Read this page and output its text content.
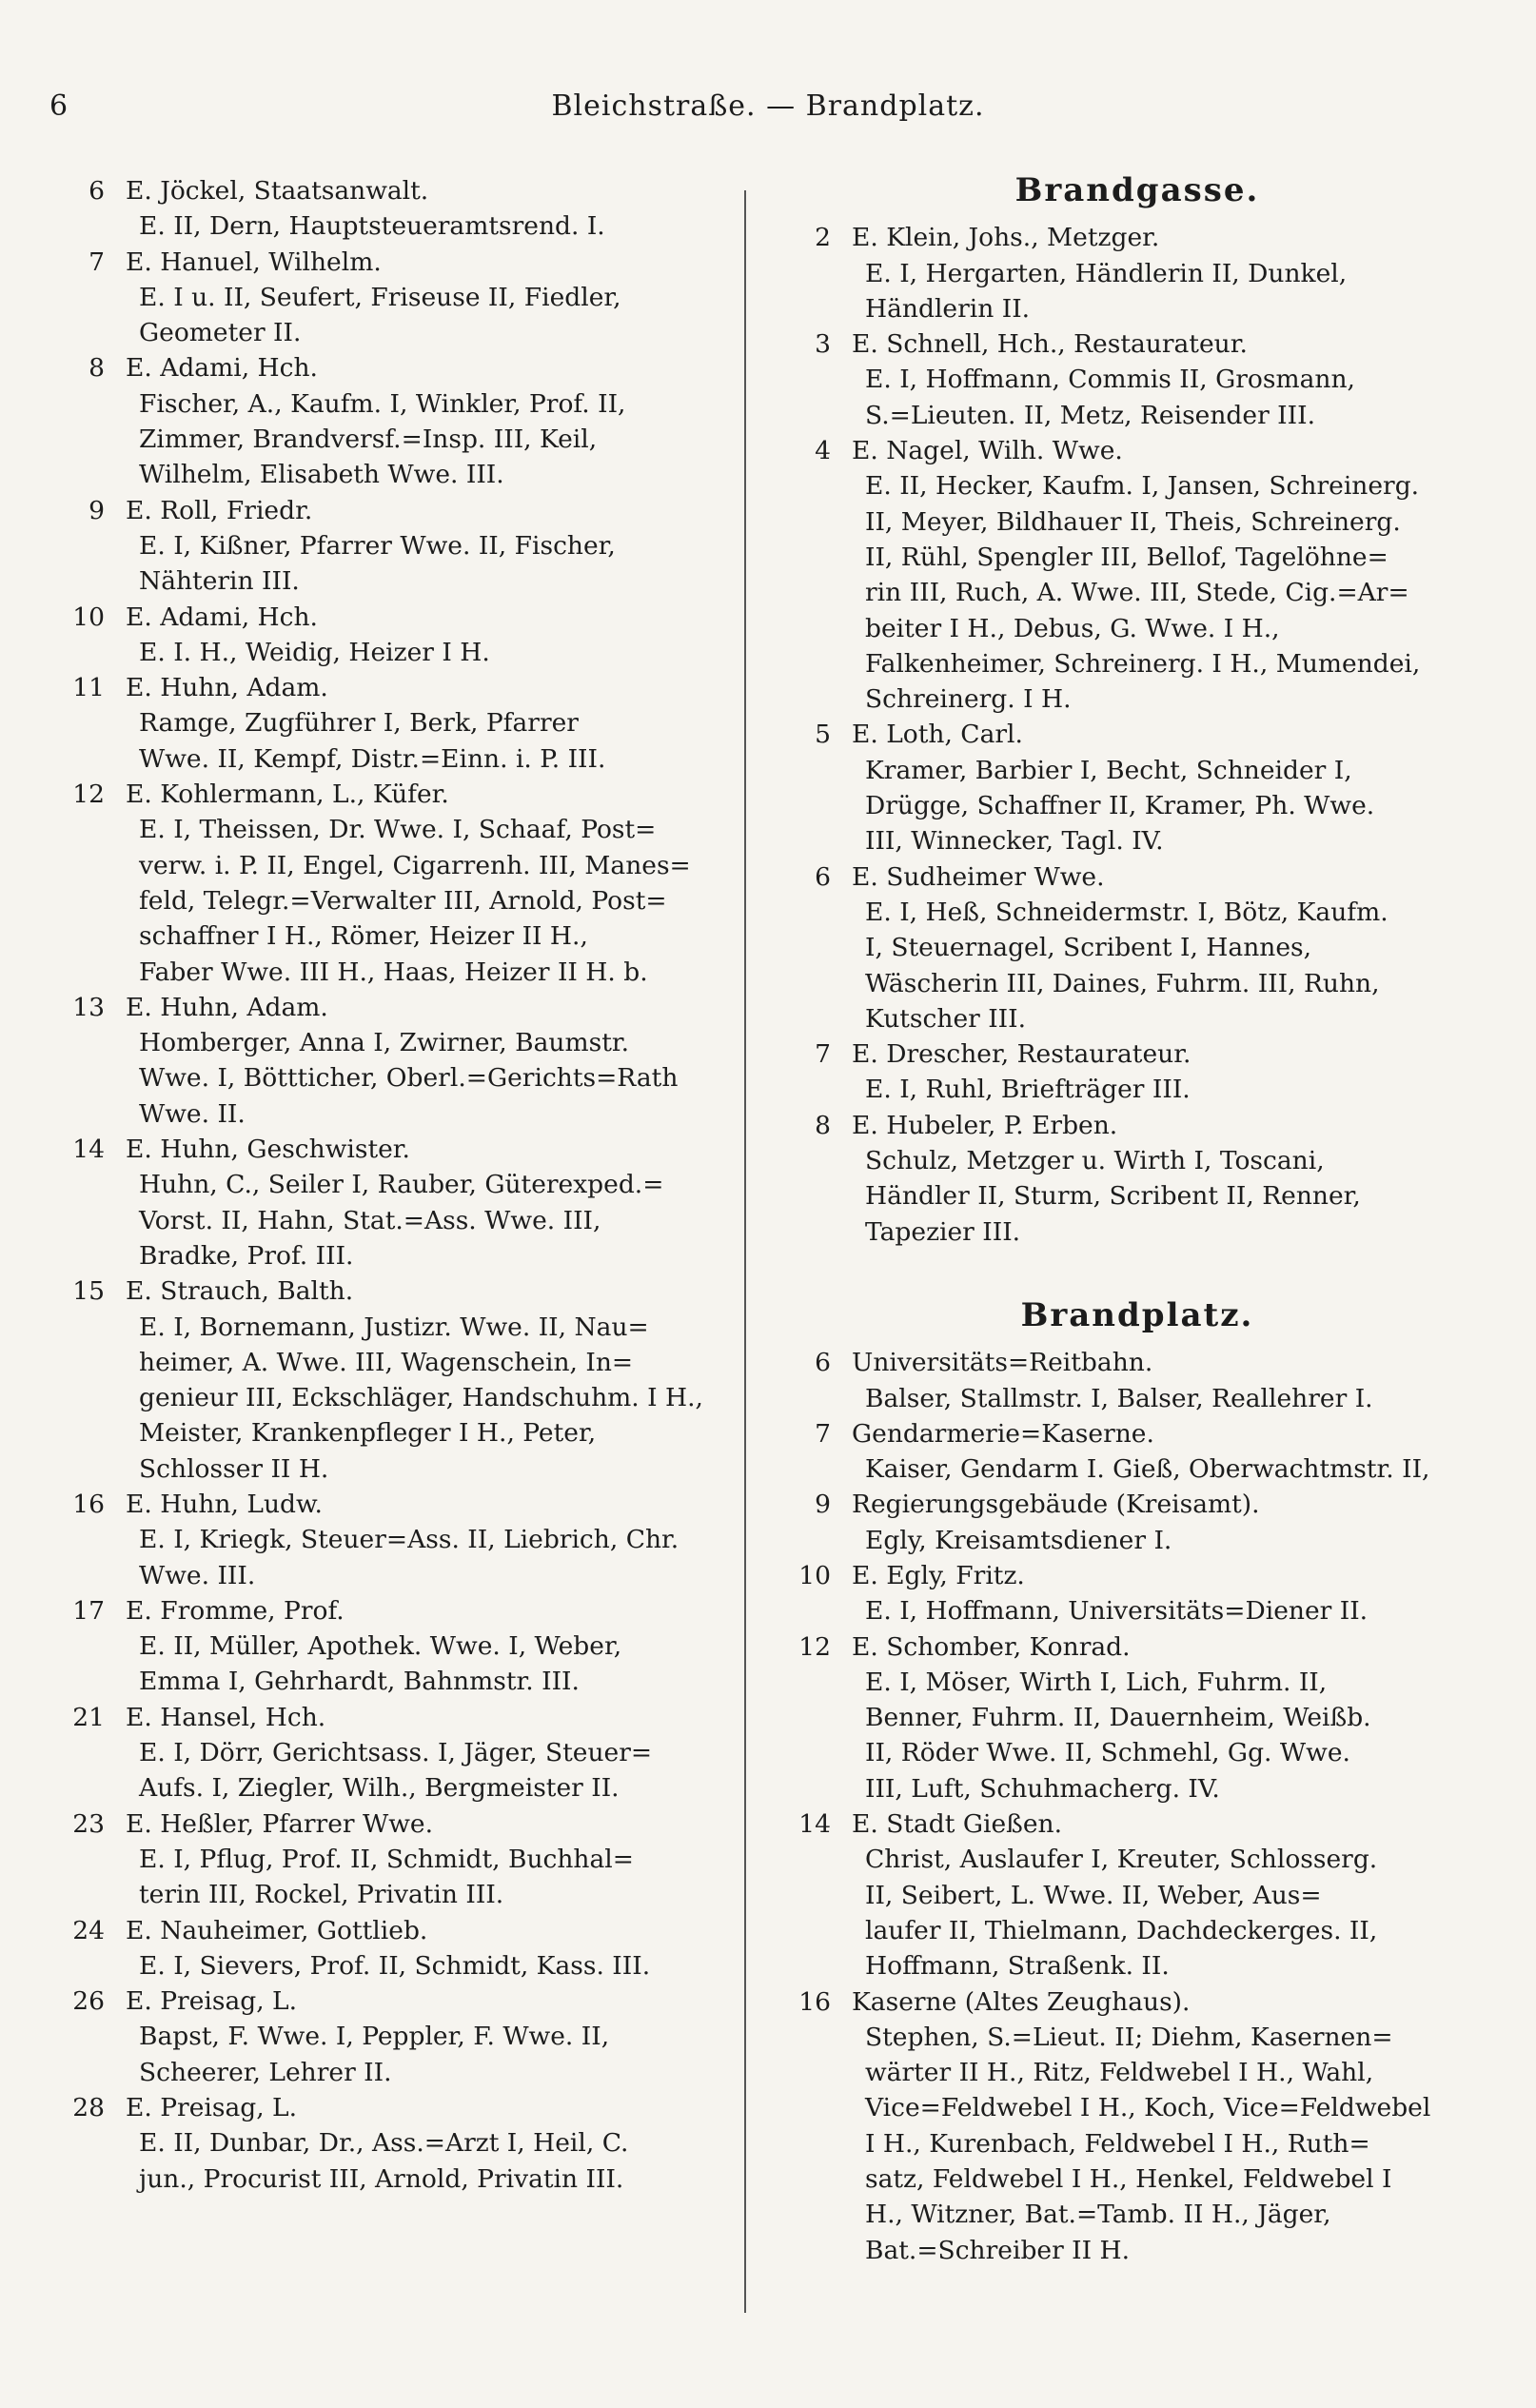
6	Bleichstraße. — Brandplatz.
6 E. Jöckel, Staatsanwalt.
E. II, Dern, Hauptsteueramtsrend. I.
7 E. Hanuel, Wilhelm.
E. I u. II, Seufert, Friseuse II, Fiedler,
Geometer II.
8 E. Adami, Hch.
Fischer, A., Kaufm. I, Winkler, Prof. II,
Zimmer, Brandversf.=Insp. III, Keil,
Wilhelm, Elisabeth Wwe. III.
9 E. Roll, Friedr.
E. I, Kißner, Pfarrer Wwe. II, Fischer,
Nähterin III.
10 E. Adami, Hch.
E. I. H., Weidig, Heizer I H.
11 E. Huhn, Adam.
Ramge, Zugführer I, Berk, Pfarrer
Wwe. II, Kempf, Distr.=Einn. i. P. III.
12 E. Kohlermann, L., Küfer.
E. I, Theissen, Dr. Wwe. I, Schaaf, Post=
verw. i. P. II, Engel, Cigarrenh. III, Manes=
feld, Telegr.=Verwalter III, Arnold, Post=
schaffner I H., Römer, Heizer II H.,
Faber Wwe. III H., Haas, Heizer II H. b.
13 E. Huhn, Adam.
Homberger, Anna I, Zwirner, Baumstr.
Wwe. I, Böttticher, Oberl.=Gerichts=Rath
Wwe. II.
14 E. Huhn, Geschwister.
Huhn, C., Seiler I, Rauber, Güterexped.=
Vorst. II, Hahn, Stat.=Ass. Wwe. III,
Bradke, Prof. III.
15 E. Strauch, Balth.
E. I, Bornemann, Justizr. Wwe. II, Nau=
heimer, A. Wwe. III, Wagenschein, In=
genieur III, Eckschläger, Handschuhm. I H.,
Meister, Krankenpfleger I H., Peter,
Schlosser II H.
16 E. Huhn, Ludw.
E. I, Kriegk, Steuer=Ass. II, Liebrich, Chr.
Wwe. III.
17 E. Fromme, Prof.
E. II, Müller, Apothek. Wwe. I, Weber,
Emma I, Gehrhardt, Bahnmstr. III.
21 E. Hansel, Hch.
E. I, Dörr, Gerichtsass. I, Jäger, Steuer=
Aufs. I, Ziegler, Wilh., Bergmeister II.
23 E. Heßler, Pfarrer Wwe.
E. I, Pflug, Prof. II, Schmidt, Buchhal=
terin III, Rockel, Privatin III.
24 E. Nauheimer, Gottlieb.
E. I, Sievers, Prof. II, Schmidt, Kass. III.
26 E. Preisag, L.
Bapst, F. Wwe. I, Peppler, F. Wwe. II,
Scheerer, Lehrer II.
28 E. Preisag, L.
E. II, Dunbar, Dr., Ass.=Arzt I, Heil, C.
jun., Procurist III, Arnold, Privatin III.
Brandgasse.
2 E. Klein, Johs., Metzger.
E. I, Hergarten, Händlerin II, Dunkel,
Händlerin II.
3 E. Schnell, Hch., Restaurateur.
E. I, Hoffmann, Commis II, Grosmann,
S.=Lieuten. II, Metz, Reisender III.
4 E. Nagel, Wilh. Wwe.
E. II, Hecker, Kaufm. I, Jansen, Schreinerg.
II, Meyer, Bildhauer II, Theis, Schreinerg.
II, Rühl, Spengler III, Bellof, Tagelöhne=
rin III, Ruch, A. Wwe. III, Stede, Cig.=Ar=
beiter I H., Debus, G. Wwe. I H.,
Falkenheimer, Schreinerg. I H., Mumendei,
Schreinerg. I H.
5 E. Loth, Carl.
Kramer, Barbier I, Becht, Schneider I,
Drügge, Schaffner II, Kramer, Ph. Wwe.
III, Winnecker, Tagl. IV.
6 E. Sudheimer Wwe.
E. I, Heß, Schneidermstr. I, Bötz, Kaufm.
I, Steuernagel, Scribent I, Hannes,
Wäscherin III, Daines, Fuhrm. III, Ruhn,
Kutscher III.
7 E. Drescher, Restaurateur.
E. I, Ruhl, Briefträger III.
8 E. Hubeler, P. Erben.
Schulz, Metzger u. Wirth I, Toscani,
Händler II, Sturm, Scribent II, Renner,
Tapezier III.
Brandplatz.
6 Universitäts=Reitbahn.
Balser, Stallmstr. I, Balser, Reallehrer I.
7 Gendarmerie=Kaserne.
Kaiser, Gendarm I. Gieß, Oberwachtmstr. II,
9 Regierungsgebäude (Kreisamt).
Egly, Kreisamtsdiener I.
10 E. Egly, Fritz.
E. I, Hoffmann, Universitäts=Diener II.
12 E. Schomber, Konrad.
E. I, Möser, Wirth I, Lich, Fuhrm. II,
Benner, Fuhrm. II, Dauernheim, Weißb.
II, Röder Wwe. II, Schmehl, Gg. Wwe.
III, Luft, Schuhmacherg. IV.
14 E. Stadt Gießen.
Christ, Auslaufer I, Kreuter, Schlosserg.
II, Seibert, L. Wwe. II, Weber, Aus=
laufer II, Thielmann, Dachdeckerges. II,
Hoffmann, Straßenk. II.
16 Kaserne (Altes Zeughaus).
Stephen, S.=Lieut. II; Diehm, Kasernen=
wärter II H., Ritz, Feldwebel I H., Wahl,
Vice=Feldwebel I H., Koch, Vice=Feldwebel
I H., Kurenbach, Feldwebel I H., Ruth=
satz, Feldwebel I H., Henkel, Feldwebel I
H., Witzner, Bat.=Tamb. II H., Jäger,
Bat.=Schreiber II H.
